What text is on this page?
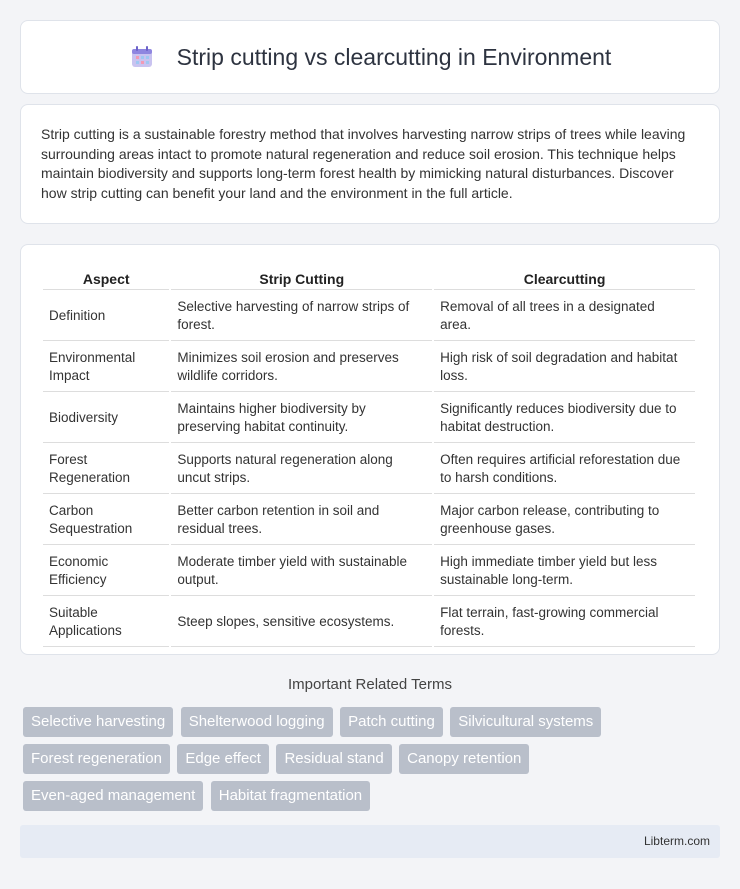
Strip cutting vs clearcutting in Environment

Strip cutting is a sustainable forestry method that involves harvesting narrow strips of trees while leaving surrounding areas intact to promote natural regeneration and reduce soil erosion. This technique helps maintain biodiversity and supports long-term forest health by mimicking natural disturbances. Discover how strip cutting can benefit your land and the environment in the full article.

Aspect	Strip Cutting	Clearcutting
Definition	Selective harvesting of narrow strips of forest.	Removal of all trees in a designated area.
Environmental Impact	Minimizes soil erosion and preserves wildlife corridors.	High risk of soil degradation and habitat loss.
Biodiversity	Maintains higher biodiversity by preserving habitat continuity.	Significantly reduces biodiversity due to habitat destruction.
Forest Regeneration	Supports natural regeneration along uncut strips.	Often requires artificial reforestation due to harsh conditions.
Carbon Sequestration	Better carbon retention in soil and residual trees.	Major carbon release, contributing to greenhouse gases.
Economic Efficiency	Moderate timber yield with sustainable output.	High immediate timber yield but less sustainable long-term.
Suitable Applications	Steep slopes, sensitive ecosystems.	Flat terrain, fast-growing commercial forests.
Important Related Terms
Selective harvesting Shelterwood logging Patch cutting Silvicultural systems
Forest regeneration Edge effect Residual stand Canopy retention
Even-aged management Habitat fragmentation
Libterm.com
